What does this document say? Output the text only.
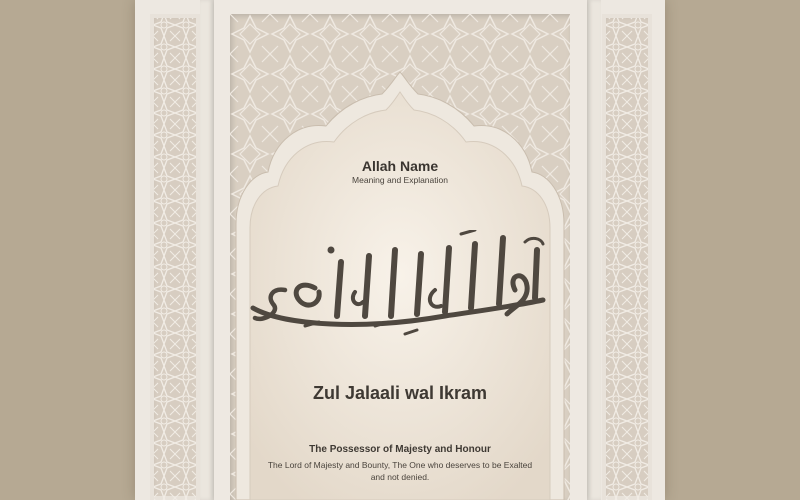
Allah Name
Meaning and Explanation
Zul Jalaali wal Ikram
The Possessor of Majesty and Honour
The Lord of Majesty and Bounty, The One who deserves to be Exalted and not denied.
